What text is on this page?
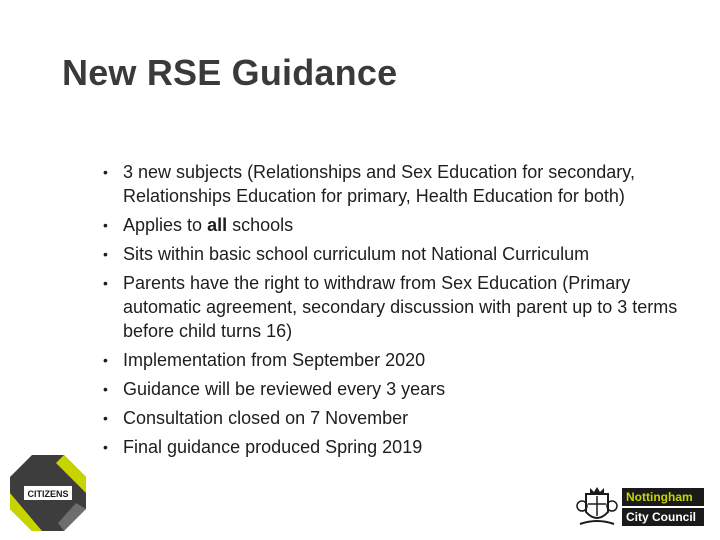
New RSE Guidance
• 3 new subjects (Relationships and Sex Education for secondary, Relationships Education for primary, Health Education for both)
• Applies to all schools
• Sits within basic school curriculum not National Curriculum
• Parents have the right to withdraw from Sex Education (Primary automatic agreement, secondary discussion with parent up to 3 terms before child turns 16)
• Implementation from September 2020
• Guidance will be reviewed every 3 years
• Consultation closed on 7 November
• Final guidance produced Spring 2019
CITIZENS	Nottingham
City Council
